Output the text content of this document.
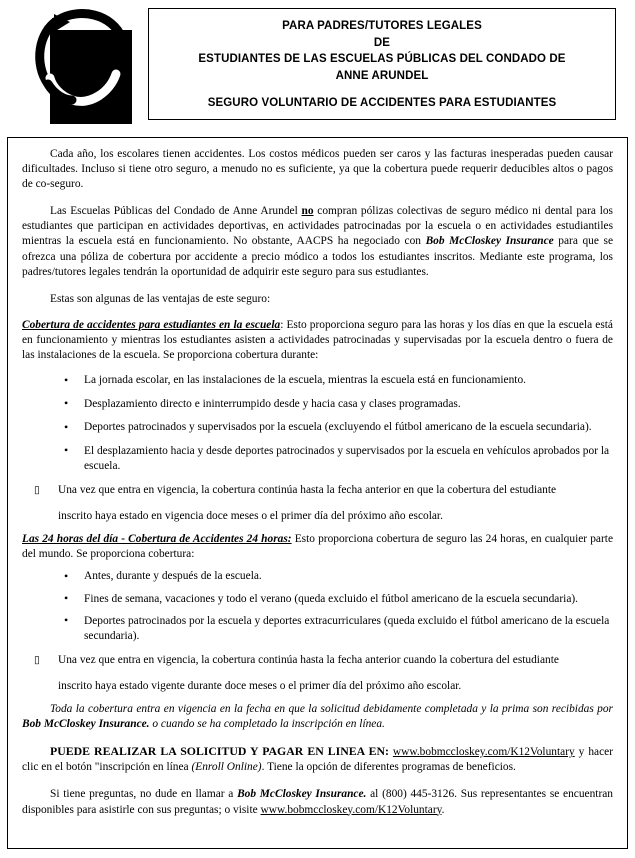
PARA PADRES/TUTORES LEGALES
DE
ESTUDIANTES DE LAS ESCUELAS PÚBLICAS DEL CONDADO DE
ANNE ARUNDEL
SEGURO VOLUNTARIO DE ACCIDENTES PARA ESTUDIANTES

Cada año, los escolares tienen accidentes. Los costos médicos pueden ser caros y las facturas inesperadas pueden causar dificultades. Incluso si tiene otro seguro, a menudo no es suficiente, ya que la cobertura puede requerir deducibles altos o pagos de co-seguro.

Las Escuelas Públicas del Condado de Anne Arundel no compran pólizas colectivas de seguro médico ni dental para los estudiantes que participan en actividades deportivas, en actividades patrocinadas por la escuela o en actividades estudiantiles mientras la escuela está en funcionamiento. No obstante, AACPS ha negociado con Bob McCloskey Insurance para que se ofrezca una póliza de cobertura por accidente a precio módico a todos los estudiantes inscritos. Mediante este programa, los padres/tutores legales tendrán la oportunidad de adquirir este seguro para sus estudiantes.

Estas son algunas de las ventajas de este seguro:

Cobertura de accidentes para estudiantes en la escuela: Esto proporciona seguro para las horas y los días en que la escuela está en funcionamiento y mientras los estudiantes asisten a actividades patrocinadas y supervisadas por la escuela dentro o fuera de las instalaciones de la escuela. Se proporciona cobertura durante:

• La jornada escolar, en las instalaciones de la escuela, mientras la escuela está en funcionamiento.
• Desplazamiento directo e ininterrumpido desde y hacia casa y clases programadas.
• Deportes patrocinados y supervisados por la escuela (excluyendo el fútbol americano de la escuela secundaria).
• El desplazamiento hacia y desde deportes patrocinados y supervisados por la escuela en vehículos aprobados por la escuela.
▯ Una vez que entra en vigencia, la cobertura continúa hasta la fecha anterior en que la cobertura del estudiante
inscrito haya estado en vigencia doce meses o el primer día del próximo año escolar.

Las 24 horas del día - Cobertura de Accidentes 24 horas: Esto proporciona cobertura de seguro las 24 horas, en cualquier parte del mundo. Se proporciona cobertura:

• Antes, durante y después de la escuela.
• Fines de semana, vacaciones y todo el verano (queda excluido el fútbol americano de la escuela secundaria).
• Deportes patrocinados por la escuela y deportes extracurriculares (queda excluido el fútbol americano de la escuela secundaria).
▯ Una vez que entra en vigencia, la cobertura continúa hasta la fecha anterior cuando la cobertura del estudiante
inscrito haya estado vigente durante doce meses o el primer día del próximo año escolar.

Toda la cobertura entra en vigencia en la fecha en que la solicitud debidamente completada y la prima son recibidas por Bob McCloskey Insurance. o cuando se ha completado la inscripción en línea.

PUEDE REALIZAR LA SOLICITUD Y PAGAR EN LINEA EN: www.bobmccloskey.com/K12Voluntary y hacer clic en el botón "inscripción en línea (Enroll Online). Tiene la opción de diferentes programas de beneficios.

Si tiene preguntas, no dude en llamar a Bob McCloskey Insurance. al (800) 445-3126. Sus representantes se encuentran disponibles para asistirle con sus preguntas; o visite www.bobmccloskey.com/K12Voluntary.
